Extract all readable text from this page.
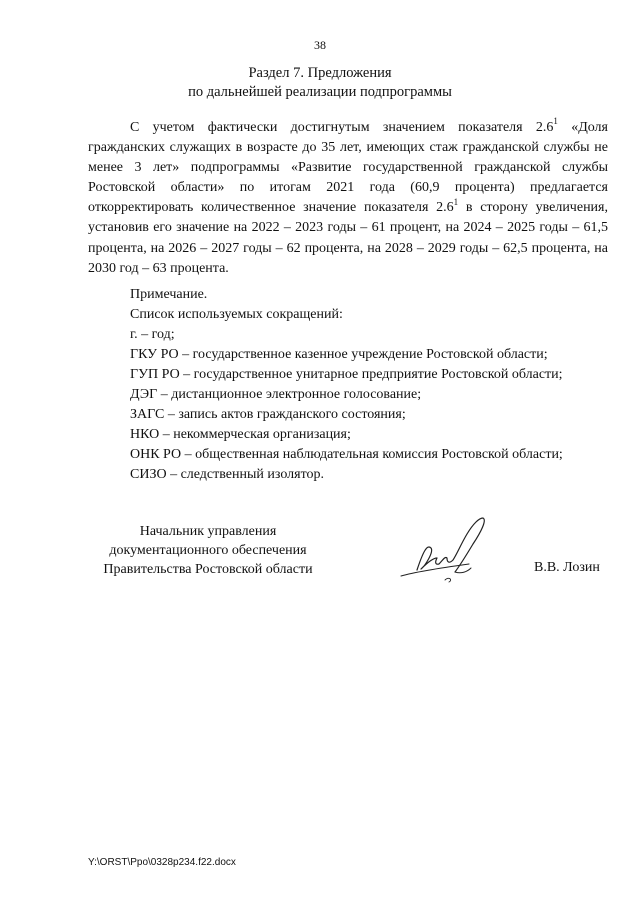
38
Раздел 7. Предложения
по дальнейшей реализации подпрограммы

С учетом фактически достигнутым значением показателя $2.6^1$ «Доля гражданских служащих в возрасте до 35 лет, имеющих стаж гражданской службы не менее 3 лет» подпрограммы «Развитие государственной гражданской службы Ростовской области» по итогам 2021 года (60,9 процента) предлагается откорректировать количественное значение показателя $2.6^1$ в сторону увеличения, установив его значение на 2022 – 2023 годы – 61 процент, на 2024 – 2025 годы – 61,5 процента, на 2026 – 2027 годы – 62 процента, на 2028 – 2029 годы – 62,5 процента, на 2030 год – 63 процента.

Примечание.
Список используемых сокращений:
г. – год;
ГКУ РО – государственное казенное учреждение Ростовской области;
ГУП РО – государственное унитарное предприятие Ростовской области;
ДЭГ – дистанционное электронное голосование;
ЗАГС – запись актов гражданского состояния;
НКО – некоммерческая организация;
ОНК РО – общественная наблюдательная комиссия Ростовской области;
СИЗО – следственный изолятор.
Начальник управления
документационного обеспечения
Правительства Ростовской области	В.В. Лозин
Y:\ORST\Ppo\0328p234.f22.docx
